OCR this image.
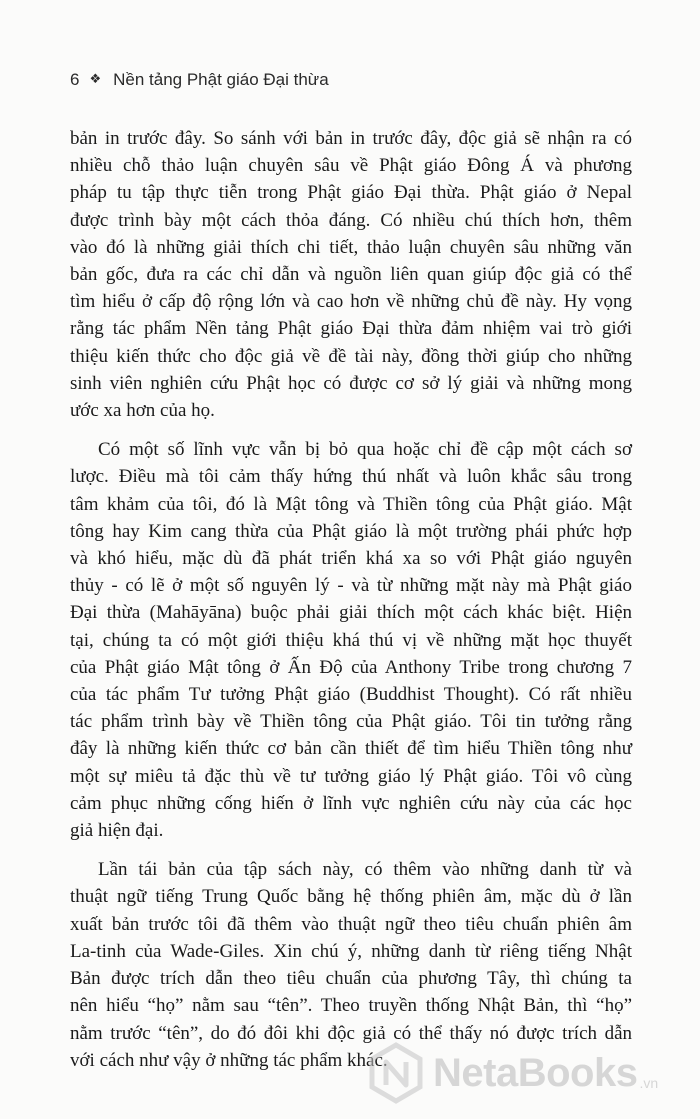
6 ❖ Nền tảng Phật giáo Đại thừa

bản in trước đây. So sánh với bản in trước đây, độc giả sẽ nhận ra có
nhiều chỗ thảo luận chuyên sâu về Phật giáo Đông Á và phương
pháp tu tập thực tiễn trong Phật giáo Đại thừa. Phật giáo ở Nepal
được trình bày một cách thỏa đáng. Có nhiều chú thích hơn, thêm
vào đó là những giải thích chi tiết, thảo luận chuyên sâu những văn
bản gốc, đưa ra các chỉ dẫn và nguồn liên quan giúp độc giả có thể
tìm hiểu ở cấp độ rộng lớn và cao hơn về những chủ đề này. Hy vọng
rằng tác phẩm Nền tảng Phật giáo Đại thừa đảm nhiệm vai trò giới
thiệu kiến thức cho độc giả về đề tài này, đồng thời giúp cho những
sinh viên nghiên cứu Phật học có được cơ sở lý giải và những mong
ước xa hơn của họ.

Có một số lĩnh vực vẫn bị bỏ qua hoặc chỉ đề cập một cách sơ
lược. Điều mà tôi cảm thấy hứng thú nhất và luôn khắc sâu trong
tâm khảm của tôi, đó là Mật tông và Thiền tông của Phật giáo. Mật
tông hay Kim cang thừa của Phật giáo là một trường phái phức hợp
và khó hiểu, mặc dù đã phát triển khá xa so với Phật giáo nguyên
thủy - có lẽ ở một số nguyên lý - và từ những mặt này mà Phật giáo
Đại thừa (Mahāyāna) buộc phải giải thích một cách khác biệt. Hiện
tại, chúng ta có một giới thiệu khá thú vị về những mặt học thuyết
của Phật giáo Mật tông ở Ấn Độ của Anthony Tribe trong chương 7
của tác phẩm Tư tưởng Phật giáo (Buddhist Thought). Có rất nhiều
tác phẩm trình bày về Thiền tông của Phật giáo. Tôi tin tưởng rằng
đây là những kiến thức cơ bản cần thiết để tìm hiểu Thiền tông như
một sự miêu tả đặc thù về tư tưởng giáo lý Phật giáo. Tôi vô cùng
cảm phục những cống hiến ở lĩnh vực nghiên cứu này của các học
giả hiện đại.

Lần tái bản của tập sách này, có thêm vào những danh từ và
thuật ngữ tiếng Trung Quốc bằng hệ thống phiên âm, mặc dù ở lần
xuất bản trước tôi đã thêm vào thuật ngữ theo tiêu chuẩn phiên âm
La-tinh của Wade-Giles. Xin chú ý, những danh từ riêng tiếng Nhật
Bản được trích dẫn theo tiêu chuẩn của phương Tây, thì chúng ta
nên hiểu “họ” nằm sau “tên”. Theo truyền thống Nhật Bản, thì “họ”
nằm trước “tên”, do đó đôi khi độc giả có thể thấy nó được trích dẫn
với cách như vậy ở những tác phẩm khác.	NetaBooks .vn
